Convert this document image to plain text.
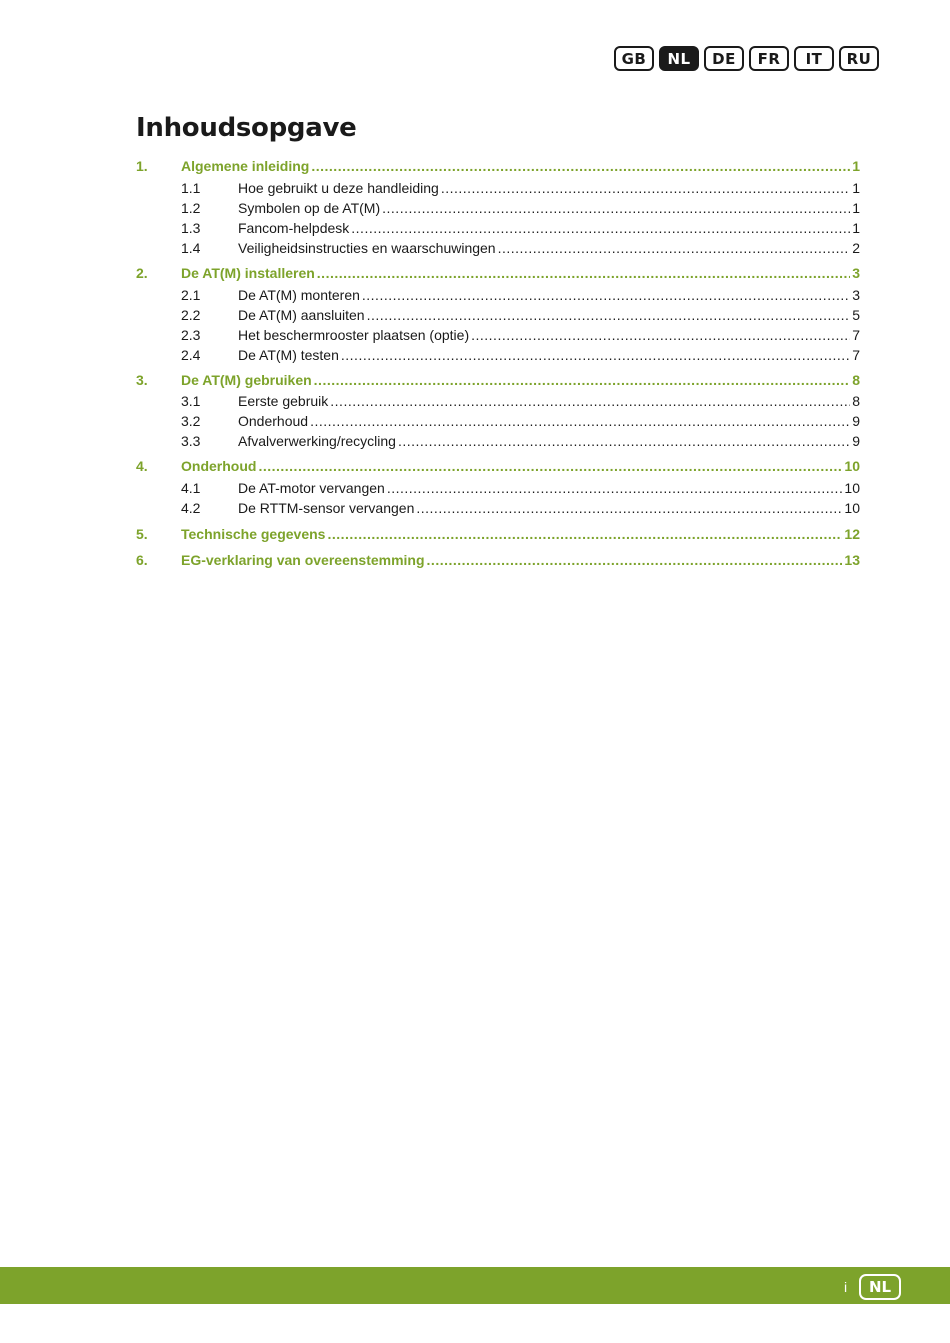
GB	NL	DE	FR	IT	RU
Inhoudsopgave
1.	Algemene inleiding .....	1
1.1	Hoe gebruikt u deze handleiding .....	1
1.2	Symbolen op de AT(M) .....	1
1.3	Fancom-helpdesk .....	1
1.4	Veiligheidsinstructies en waarschuwingen .....	2
2.	De AT(M) installeren .....	3
2.1	De AT(M) monteren .....	3
2.2	De AT(M) aansluiten .....	5
2.3	Het beschermrooster plaatsen (optie) .....	7
2.4	De AT(M) testen .....	7
3.	De AT(M) gebruiken .....	8
3.1	Eerste gebruik .....	8
3.2	Onderhoud .....	9
3.3	Afvalverwerking/recycling .....	9
4.	Onderhoud .....	10
4.1	De AT-motor vervangen .....	10
4.2	De RTTM-sensor vervangen .....	10
5.	Technische gegevens .....	12
6.	EG-verklaring van overeenstemming .....	13
i	NL
